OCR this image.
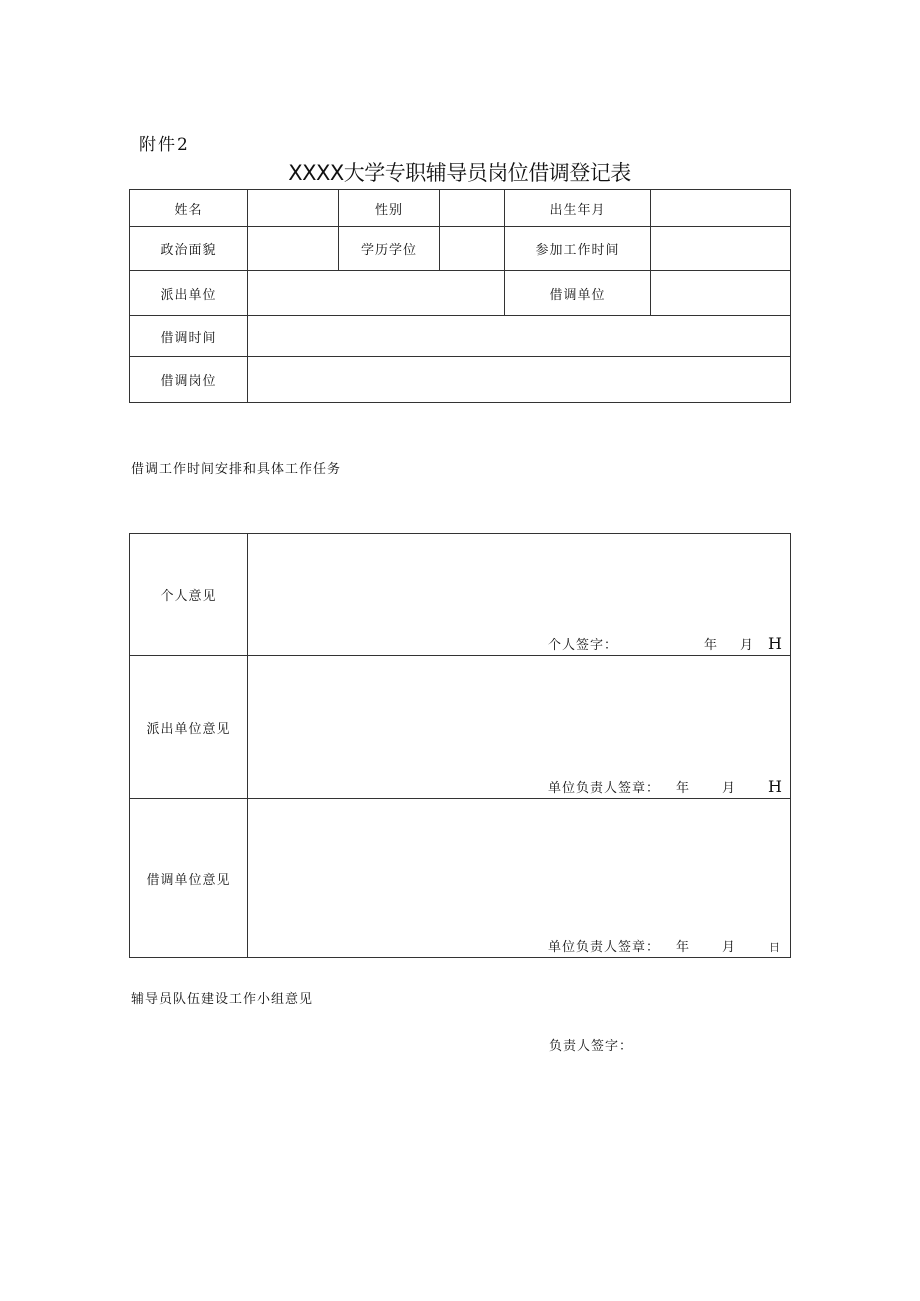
附件2
XXXX大学专职辅导员岗位借调登记表
姓名		性别		出生年月	
政治面貌		学历学位		参加工作时间	
派出单位				借调单位	
借调时间					
借调岗位					
借调工作时间安排和具体工作任务
个人意见	个人签字： 年 月 H

派出单位意见	单位负责人签章： 年 月 H

借调单位意见	单位负责人签章： 年 月 日
辅导员队伍建设工作小组意见
负责人签字：
